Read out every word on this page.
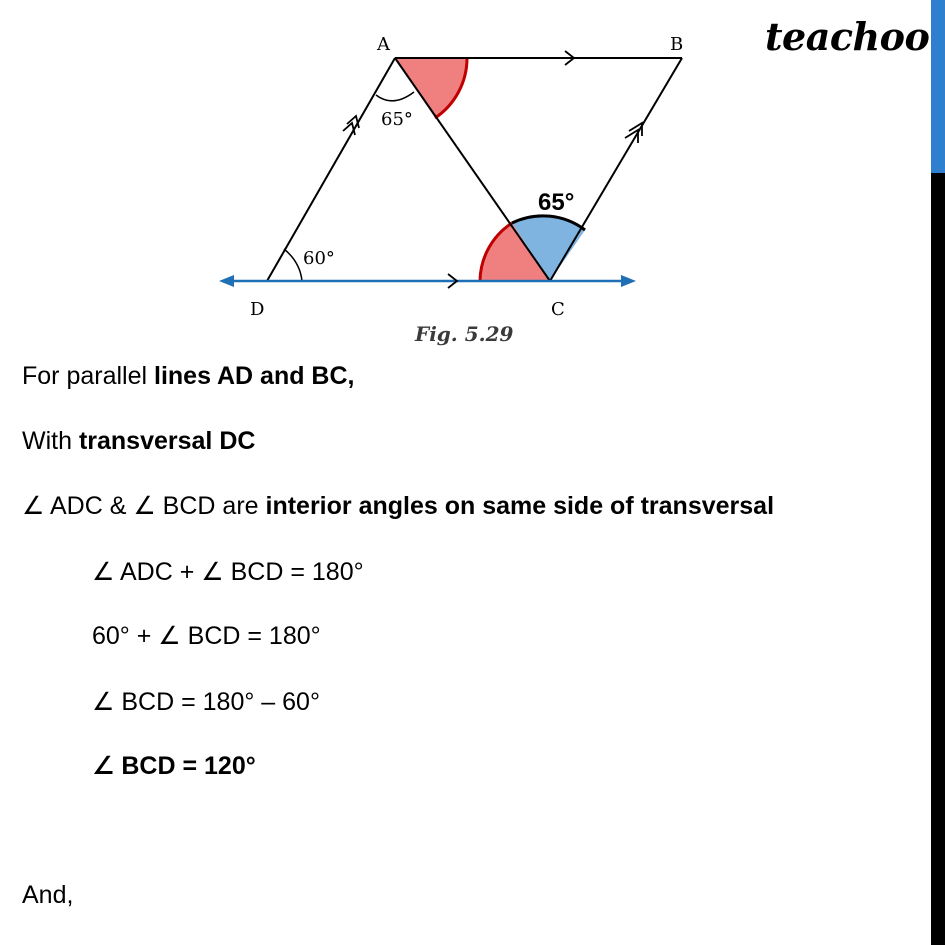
teachoo
A	B
C
D
65°
60°
65°
Fig. 5.29
For parallel lines AD and BC,
With transversal DC
∠ ADC & ∠ BCD are interior angles on same side of transversal
∠ ADC + ∠ BCD = 180°
60° + ∠ BCD = 180°
∠ BCD = 180° – 60°
∠ BCD = 120°
And,
